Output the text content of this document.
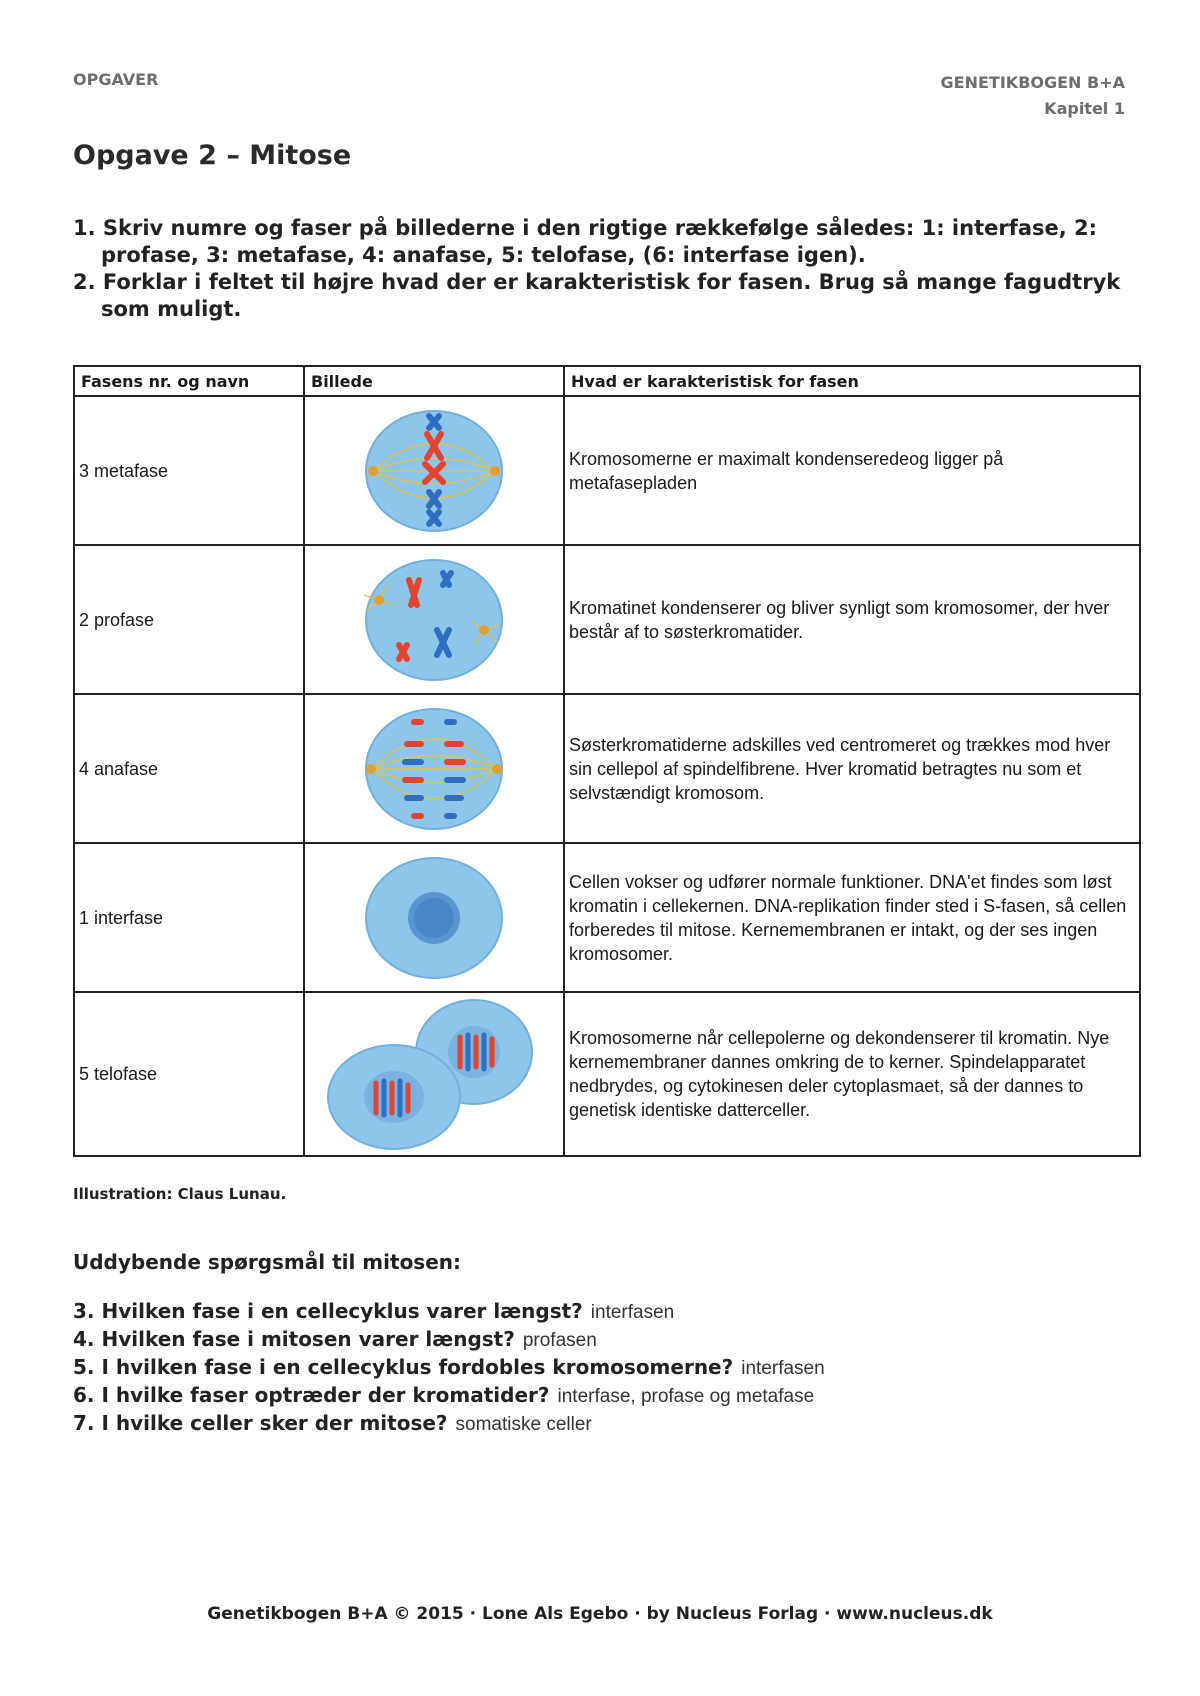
OPGAVER	GENETIKBOGEN B+A
Kapitel 1
Opgave 2 – Mitose
1. Skriv numre og faser på billederne i den rigtige rækkefølge således: 1: interfase, 2: profase, 3: metafase, 4: anafase, 5: telofase, (6: interfase igen).
2. Forklar i feltet til højre hvad der er karakteristisk for fasen. Brug så mange fagudtryk som muligt.
Fasens nr. og navn	Billede	Hvad er karakteristisk for fasen
3 metafase		Kromosomerne er maximalt kondenseredeog ligger på metafasepladen
2 profase		Kromatinet kondenserer og bliver synligt som kromosomer, der hver består af to søsterkromatider.
4 anafase		Søsterkromatiderne adskilles ved centromeret og trækkes mod hver sin cellepol af spindelfibrene. Hver kromatid betragtes nu som et selvstændigt kromosom.
1 interfase		Cellen vokser og udfører normale funktioner. DNA'et findes som løst kromatin i cellekernen. DNA-replikation finder sted i S-fasen, så cellen forberedes til mitose. Kernemembranen er intakt, og der ses ingen kromosomer.
5 telofase		Kromosomerne når cellepolerne og dekondenserer til kromatin. Nye kernemembraner dannes omkring de to kerner. Spindelapparatet nedbrydes, og cytokinesen deler cytoplasmaet, så der dannes to genetisk identiske datterceller.
Illustration: Claus Lunau.
Uddybende spørgsmål til mitosen:
3. Hvilken fase i en cellecyklus varer længst? interfasen
4. Hvilken fase i mitosen varer længst? profasen
5. I hvilken fase i en cellecyklus fordobles kromosomerne? interfasen
6. I hvilke faser optræder der kromatider? interfase, profase og metafase
7. I hvilke celler sker der mitose? somatiske celler
Genetikbogen B+A © 2015 · Lone Als Egebo · by Nucleus Forlag · www.nucleus.dk
